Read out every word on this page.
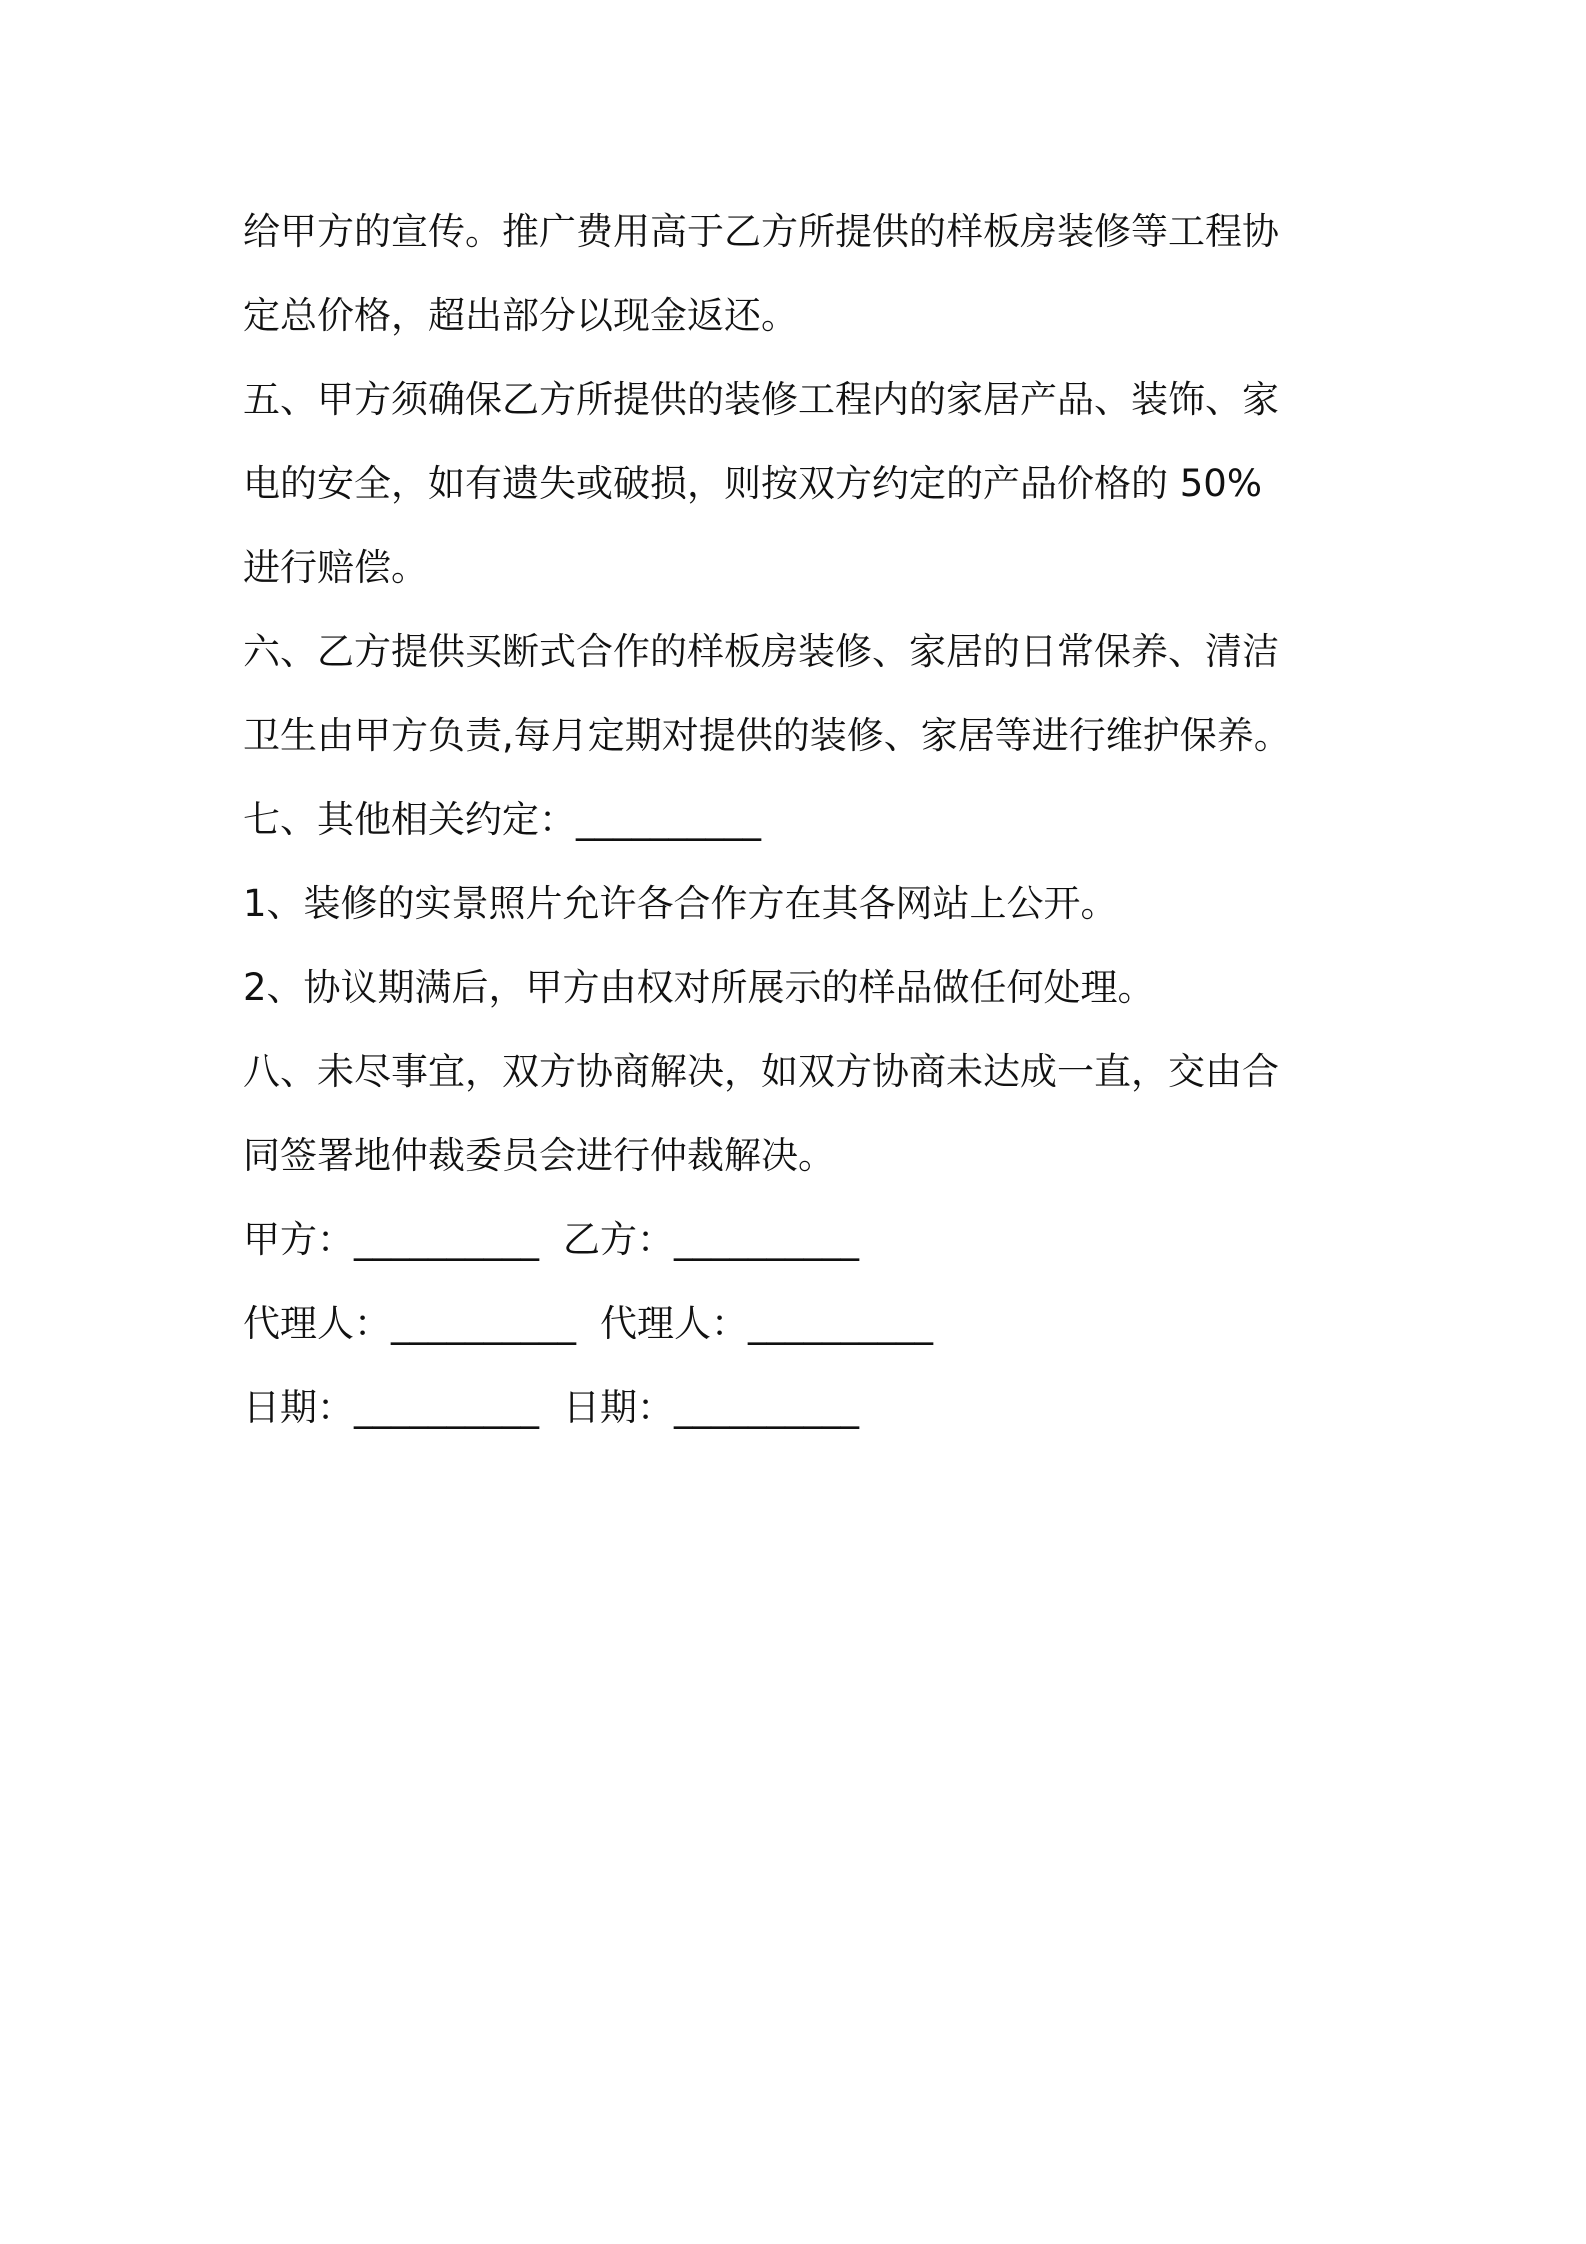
给甲方的宣传。推广费用高于乙方所提供的样板房装修等工程协
定总价格，超出部分以现金返还。
五、甲方须确保乙方所提供的装修工程内的家居产品、装饰、家
电的安全，如有遗失或破损，则按双方约定的产品价格的 50%
进行赔偿。
六、乙方提供买断式合作的样板房装修、家居的日常保养、清洁
卫生由甲方负责,每月定期对提供的装修、家居等进行维护保养。
七、其他相关约定：__________
1、装修的实景照片允许各合作方在其各网站上公开。
2、协议期满后，甲方由权对所展示的样品做任何处理。
八、未尽事宜，双方协商解决，如双方协商未达成一直，交由合
同签署地仲裁委员会进行仲裁解决。
甲方：__________ 乙方：__________
代理人：__________ 代理人：__________
日期：__________ 日期：__________
